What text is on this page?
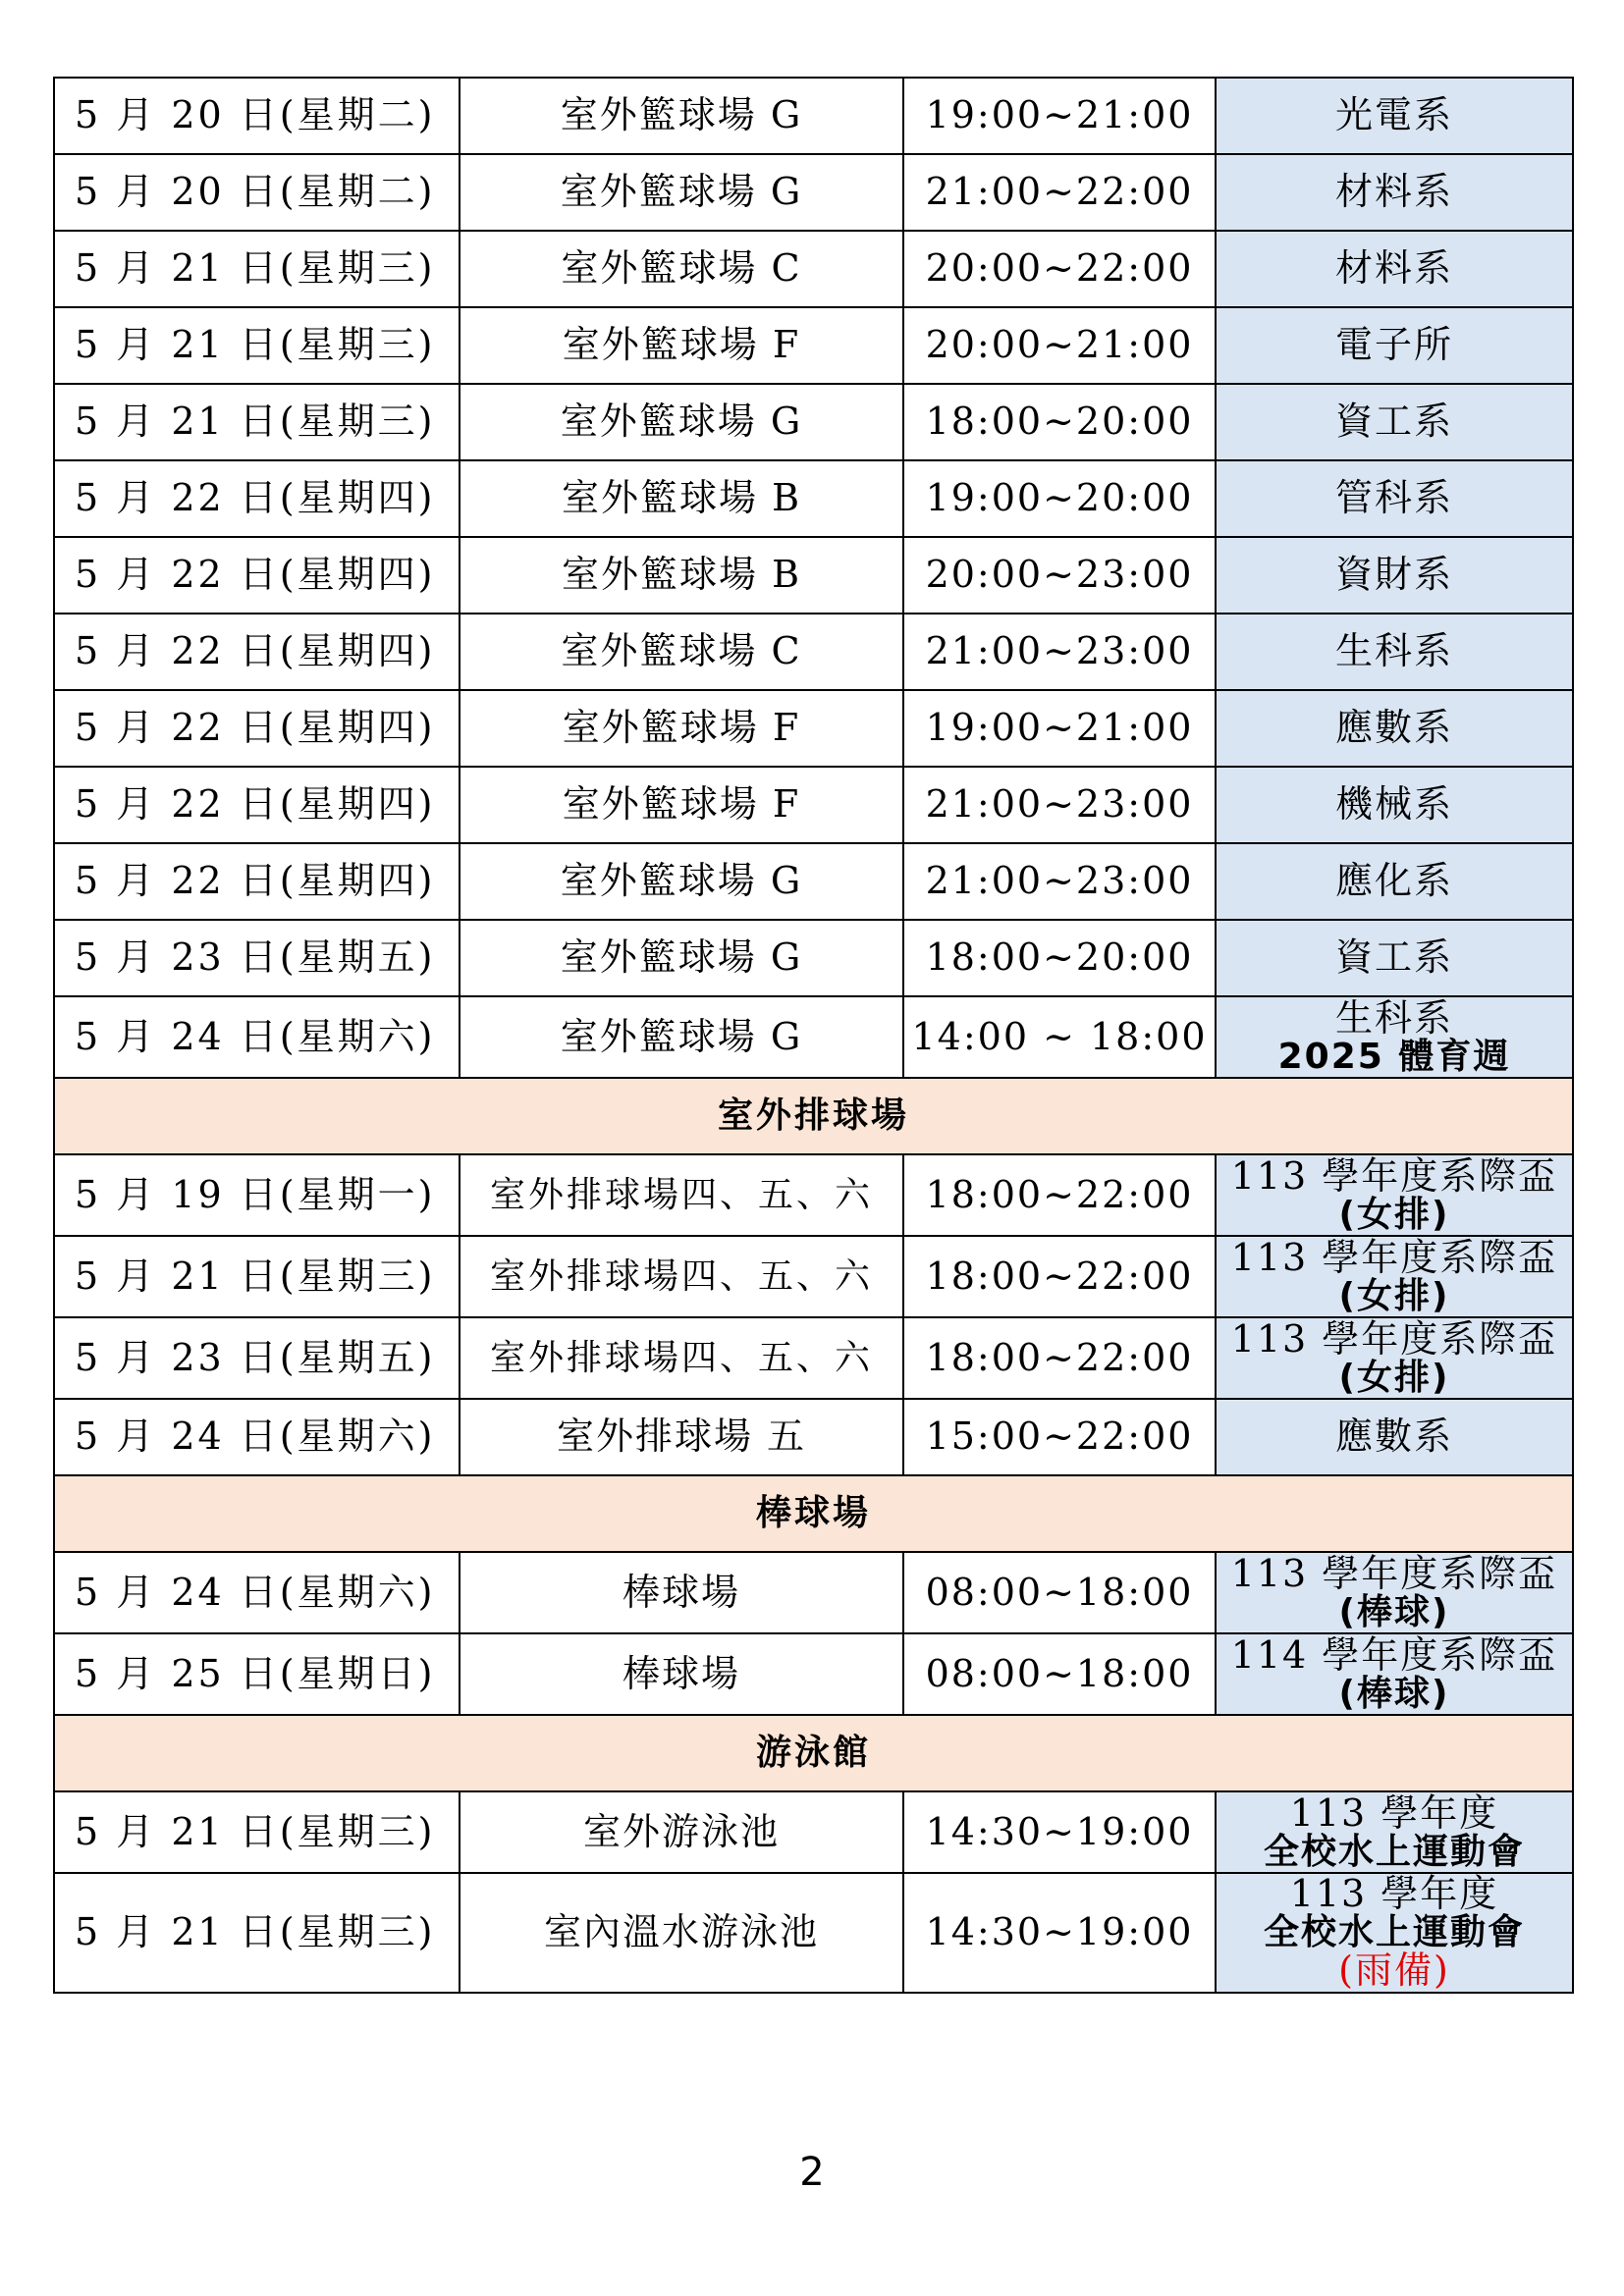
5 月 20 日(星期二)	室外籃球場 G	19:00~21:00	光電系

5 月 20 日(星期二)	室外籃球場 G	21:00~22:00	材料系

5 月 21 日(星期三)	室外籃球場 C	20:00~22:00	材料系

5 月 21 日(星期三)	室外籃球場 F	20:00~21:00	電子所

5 月 21 日(星期三)	室外籃球場 G	18:00~20:00	資工系

5 月 22 日(星期四)	室外籃球場 B	19:00~20:00	管科系

5 月 22 日(星期四)	室外籃球場 B	20:00~23:00	資財系

5 月 22 日(星期四)	室外籃球場 C	21:00~23:00	生科系

5 月 22 日(星期四)	室外籃球場 F	19:00~21:00	應數系

5 月 22 日(星期四)	室外籃球場 F	21:00~23:00	機械系

5 月 22 日(星期四)	室外籃球場 G	21:00~23:00	應化系

5 月 23 日(星期五)	室外籃球場 G	18:00~20:00	資工系

5 月 24 日(星期六)	室外籃球場 G	14:00 ~ 18:00	生科系
2025 體育週

室外排球場			
5 月 19 日(星期一)	室外排球場四、五、六	18:00~22:00	113 學年度系際盃
(女排)

5 月 21 日(星期三)	室外排球場四、五、六	18:00~22:00	113 學年度系際盃
(女排)

5 月 23 日(星期五)	室外排球場四、五、六	18:00~22:00	113 學年度系際盃
(女排)

5 月 24 日(星期六)	室外排球場 五	15:00~22:00	應數系

棒球場			
5 月 24 日(星期六)	棒球場	08:00~18:00	113 學年度系際盃
(棒球)

5 月 25 日(星期日)	棒球場	08:00~18:00	114 學年度系際盃
(棒球)

游泳館			
5 月 21 日(星期三)	室外游泳池	14:30~19:00	113 學年度
全校水上運動會

5 月 21 日(星期三)	室內溫水游泳池	14:30~19:00	113 學年度
全校水上運動會
(雨備)
2
